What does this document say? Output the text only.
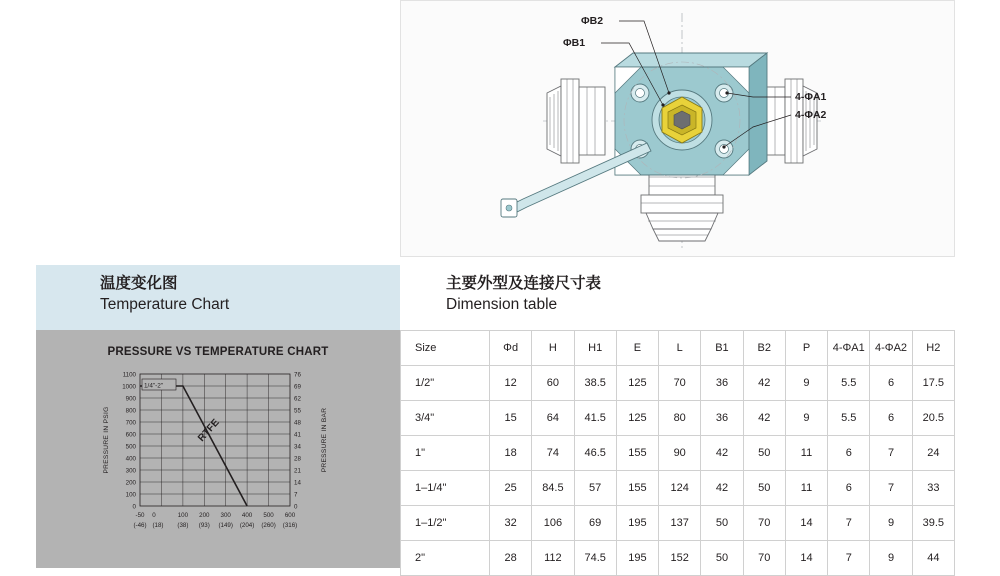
ΦB2
ΦB1
4-ΦA1
4-ΦA2
温度变化图
Temperature Chart
主要外型及连接尺寸表
Dimension table
PRESSURE VS TEMPERATURE CHART
1/4"-2"
RTFE
1100
1000
900
800
700
600
500
400
300
200
100
0
76
69
62
55
48
41
34
28
21
14
7
0
-50 0	100 200 300 400 500 600
(-46) (18) (38) (93) (149) (204) (260) (316)
PRESSURE IN PSIG	PRESSURE IN BAR
Size	Φd	H	H1	E	L	B1	B2	P	4-ΦA1	4-ΦA2	H2
1/2"	12	60	38.5	125	70	36	42	9	5.5	6	17.5
3/4"	15	64	41.5	125	80	36	42	9	5.5	6	20.5
1"	18	74	46.5	155	90	42	50	11	6	7	24
1–1/4"	25	84.5	57	155	124	42	50	11	6	7	33
1–1/2"	32	106	69	195	137	50	70	14	7	9	39.5
2"	28	112	74.5	195	152	50	70	14	7	9	44
